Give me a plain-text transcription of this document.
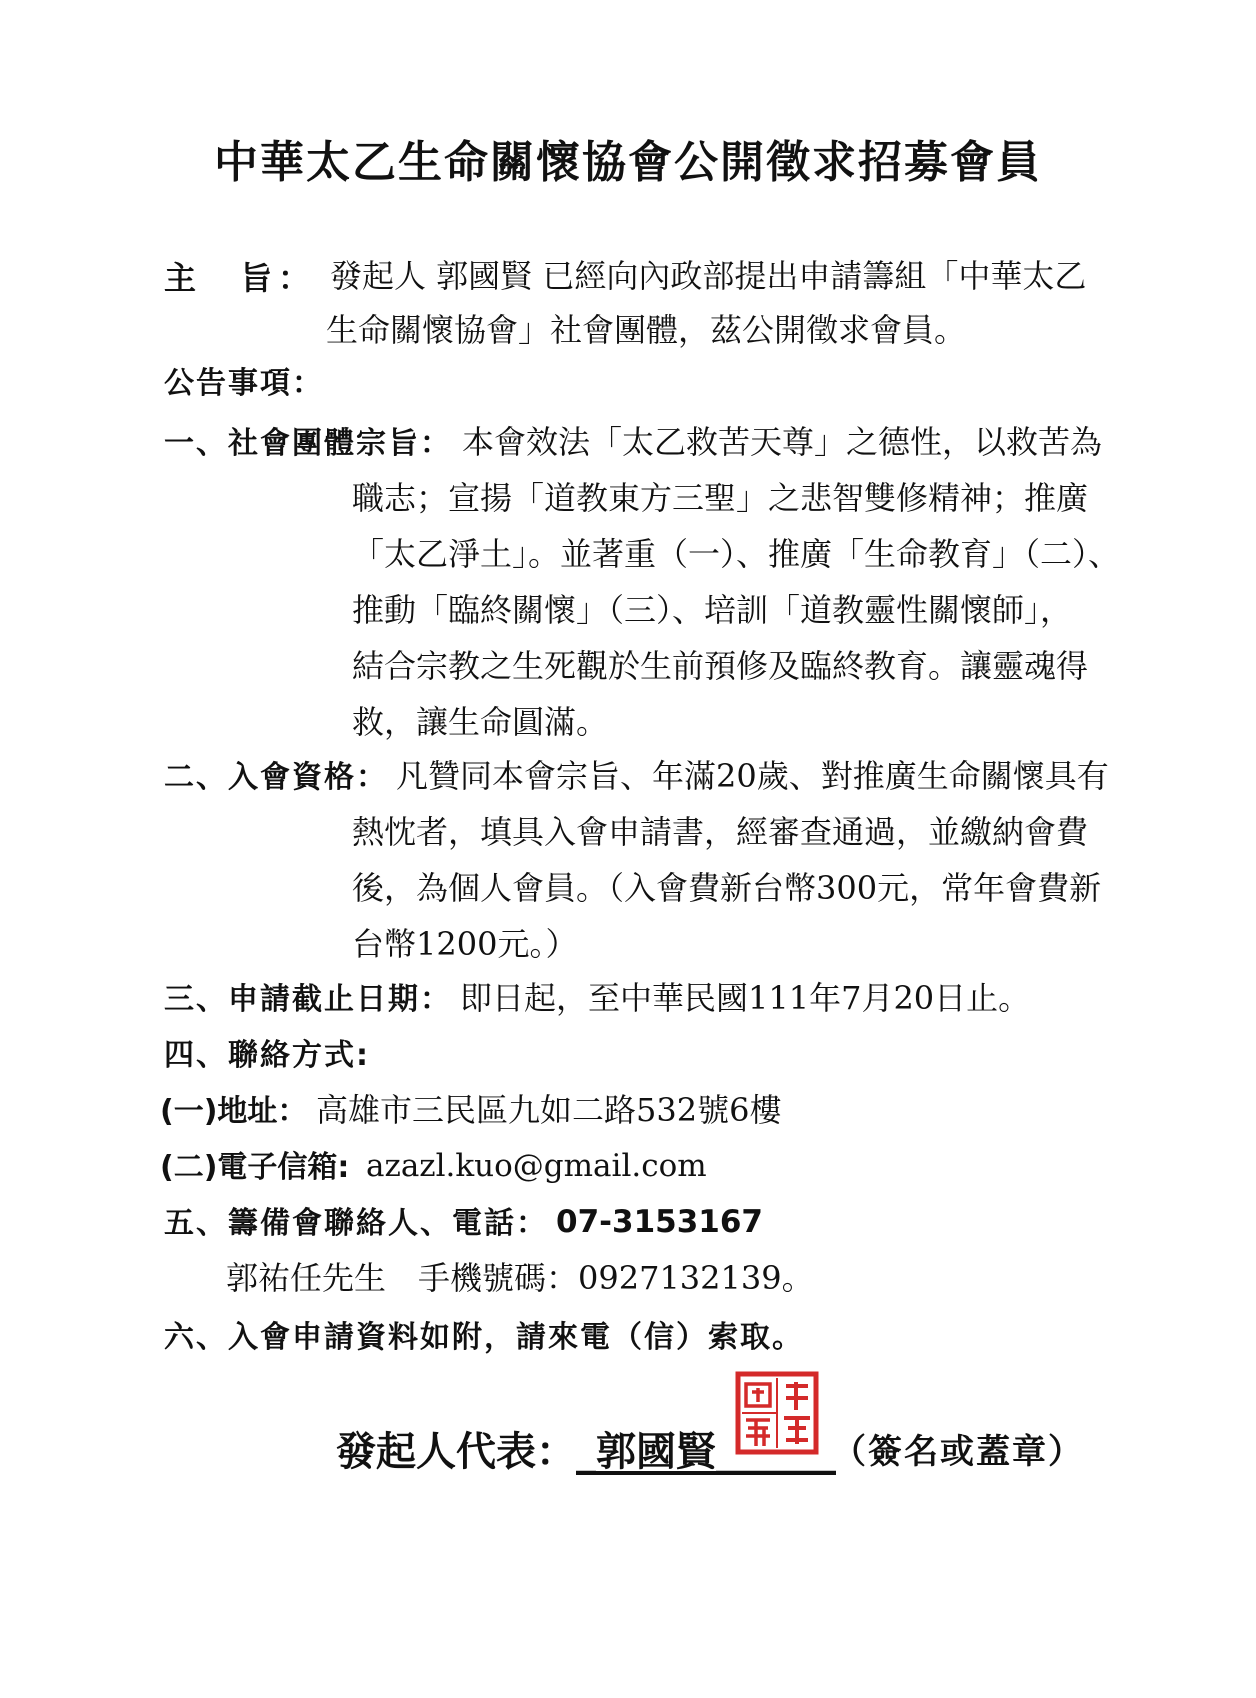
中華太乙生命關懷協會公開徵求招募會員
主　旨： 發起人 郭國賢 已經向內政部提出申請籌組「中華太乙
生命關懷協會」社會團體，茲公開徵求會員。
公告事項：
一、社會團體宗旨： 本會效法「太乙救苦天尊」之德性，以救苦為
職志；宣揚「道教東方三聖」之悲智雙修精神；推廣
「太乙淨土」。並著重（一）、推廣「生命教育」（二）、
推動「臨終關懷」（三）、培訓「道教靈性關懷師」，
結合宗教之生死觀於生前預修及臨終教育。讓靈魂得
救，讓生命圓滿。
二、入會資格： 凡贊同本會宗旨、年滿20歲、對推廣生命關懷具有
熱忱者，填具入會申請書，經審查通過，並繳納會費
後，為個人會員。（入會費新台幣300元，常年會費新
台幣1200元。）
三、申請截止日期： 即日起，至中華民國111年7月20日止。
四、聯絡方式:
(一)地址： 高雄市三民區九如二路532號6樓
(二)電子信箱: azazl.kuo@gmail.com
五、籌備會聯絡人、電話： 07-3153167
郭祐任先生　手機號碼：0927132139。
六、入會申請資料如附，請來電（信）索取。
發起人代表：_郭國賢______
（簽名或蓋章）
